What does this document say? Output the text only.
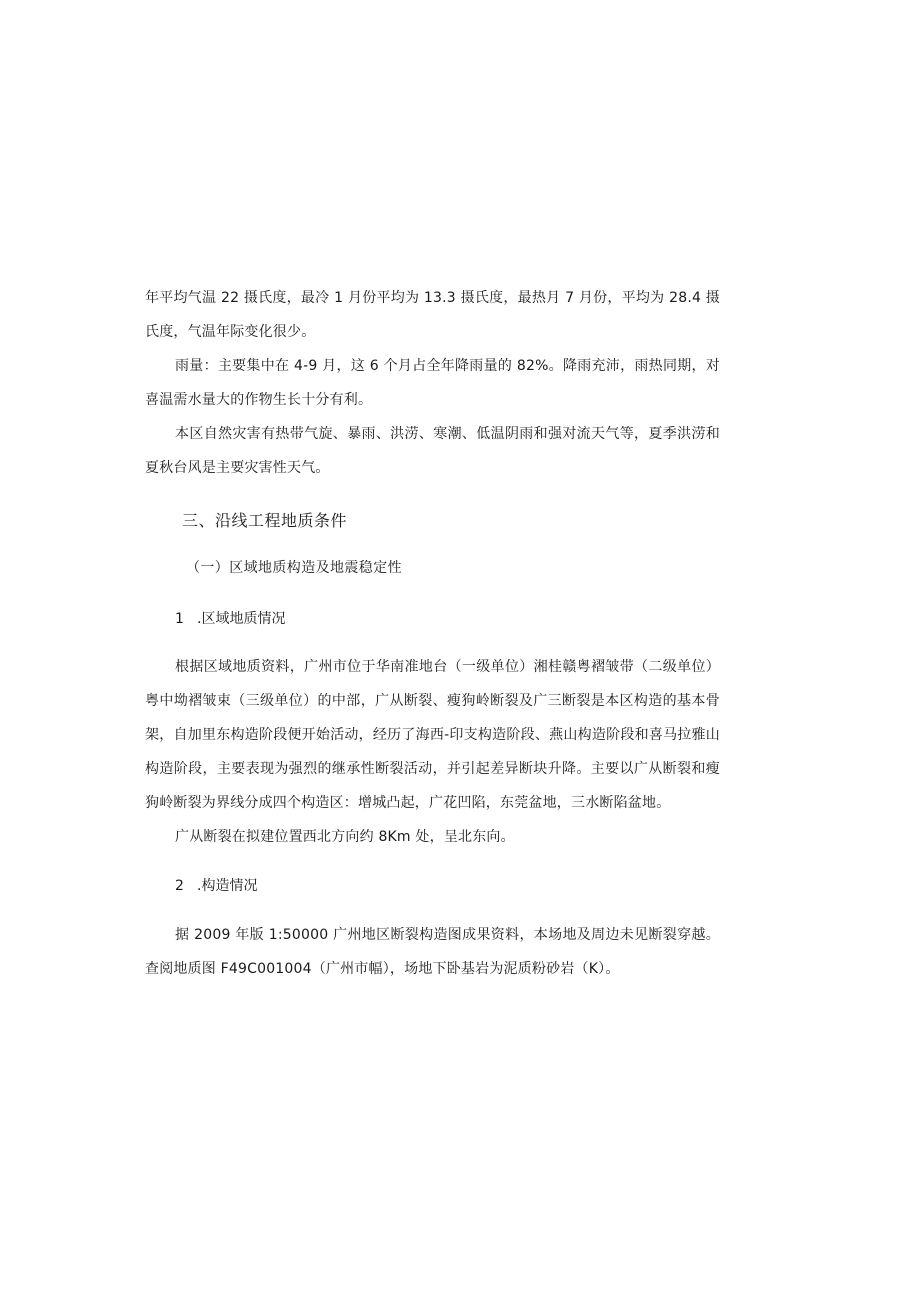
年平均气温 22 摄氏度，最冷 1 月份平均为 13.3 摄氏度，最热月 7 月份，平均为 28.4 摄氏度，气温年际变化很少。

雨量：主要集中在 4-9 月，这 6 个月占全年降雨量的 82%。降雨充沛，雨热同期，对喜温需水量大的作物生长十分有利。

本区自然灾害有热带气旋、暴雨、洪涝、寒潮、低温阴雨和强对流天气等，夏季洪涝和夏秋台风是主要灾害性天气。

三、沿线工程地质条件
（一）区域地质构造及地震稳定性
1 .区域地质情况

根据区域地质资料，广州市位于华南准地台（一级单位）湘桂赣粤褶皱带（二级单位）粤中坳褶皱束（三级单位）的中部，广从断裂、瘦狗岭断裂及广三断裂是本区构造的基本骨架，自加里东构造阶段便开始活动，经历了海西-印支构造阶段、燕山构造阶段和喜马拉雅山构造阶段，主要表现为强烈的继承性断裂活动，并引起差异断块升降。主要以广从断裂和瘦狗岭断裂为界线分成四个构造区：增城凸起，广花凹陷，东莞盆地，三水断陷盆地。

广从断裂在拟建位置西北方向约 8Km 处，呈北东向。

2 .构造情况

据 2009 年版 1:50000 广州地区断裂构造图成果资料，本场地及周边未见断裂穿越。查阅地质图 F49C001004（广州市幅），场地下卧基岩为泥质粉砂岩（K）。
